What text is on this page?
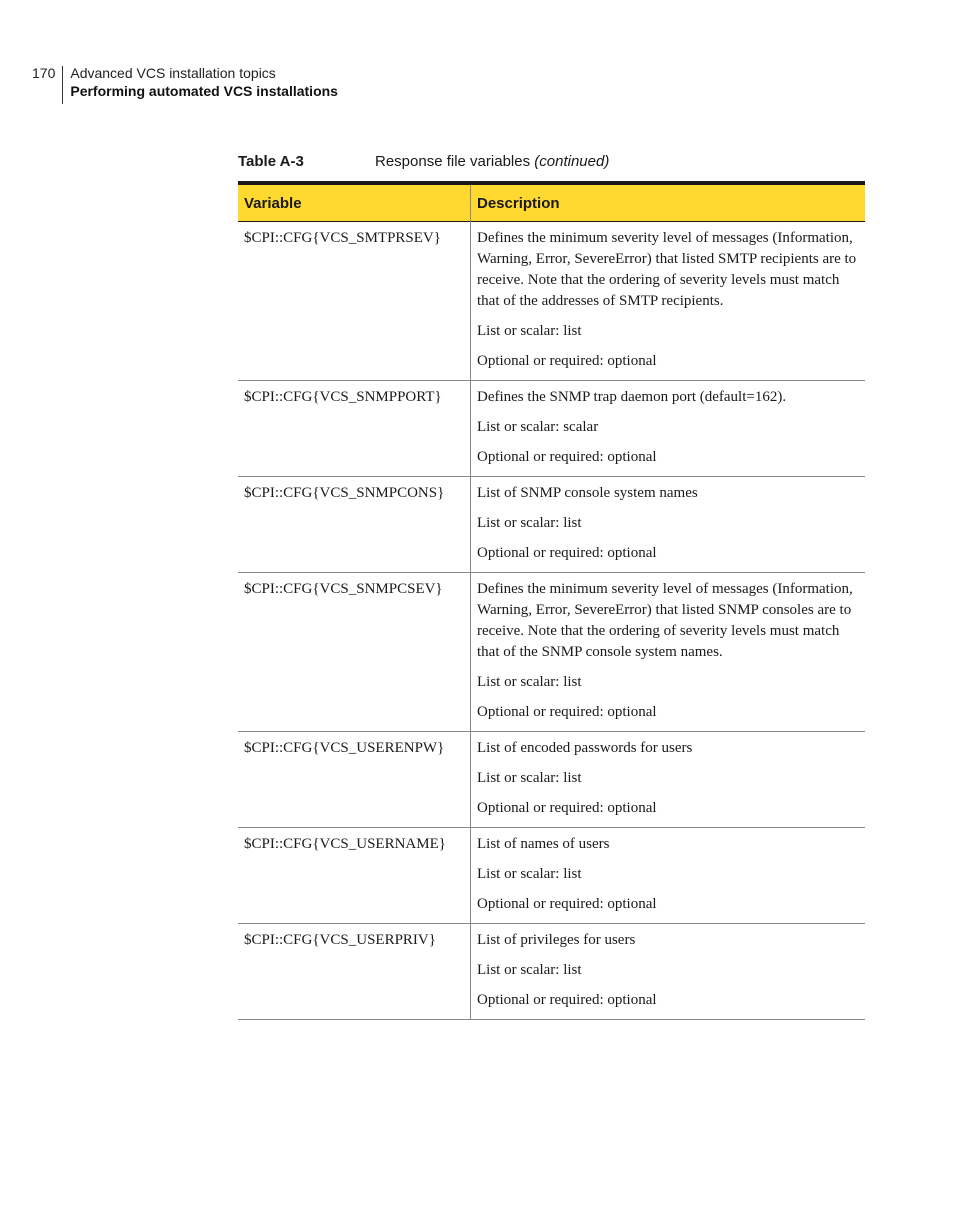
170	Advanced VCS installation topics
Performing automated VCS installations
Table A-3	Response file variables (continued)
Variable	Description
$CPI::CFG{VCS_SMTPRSEV}	Defines the minimum severity level of messages (Information, Warning, Error, SevereError) that listed SMTP recipients are to receive. Note that the ordering of severity levels must match that of the addresses of SMTP recipients.

List or scalar: list

Optional or required: optional

$CPI::CFG{VCS_SNMPPORT}	Defines the SNMP trap daemon port (default=162).

List or scalar: scalar

Optional or required: optional

$CPI::CFG{VCS_SNMPCONS}	List of SNMP console system names

List or scalar: list

Optional or required: optional

$CPI::CFG{VCS_SNMPCSEV}	Defines the minimum severity level of messages (Information, Warning, Error, SevereError) that listed SNMP consoles are to receive. Note that the ordering of severity levels must match that of the SNMP console system names.

List or scalar: list

Optional or required: optional

$CPI::CFG{VCS_USERENPW}	List of encoded passwords for users

List or scalar: list

Optional or required: optional

$CPI::CFG{VCS_USERNAME}	List of names of users

List or scalar: list

Optional or required: optional

$CPI::CFG{VCS_USERPRIV}	List of privileges for users

List or scalar: list

Optional or required: optional
